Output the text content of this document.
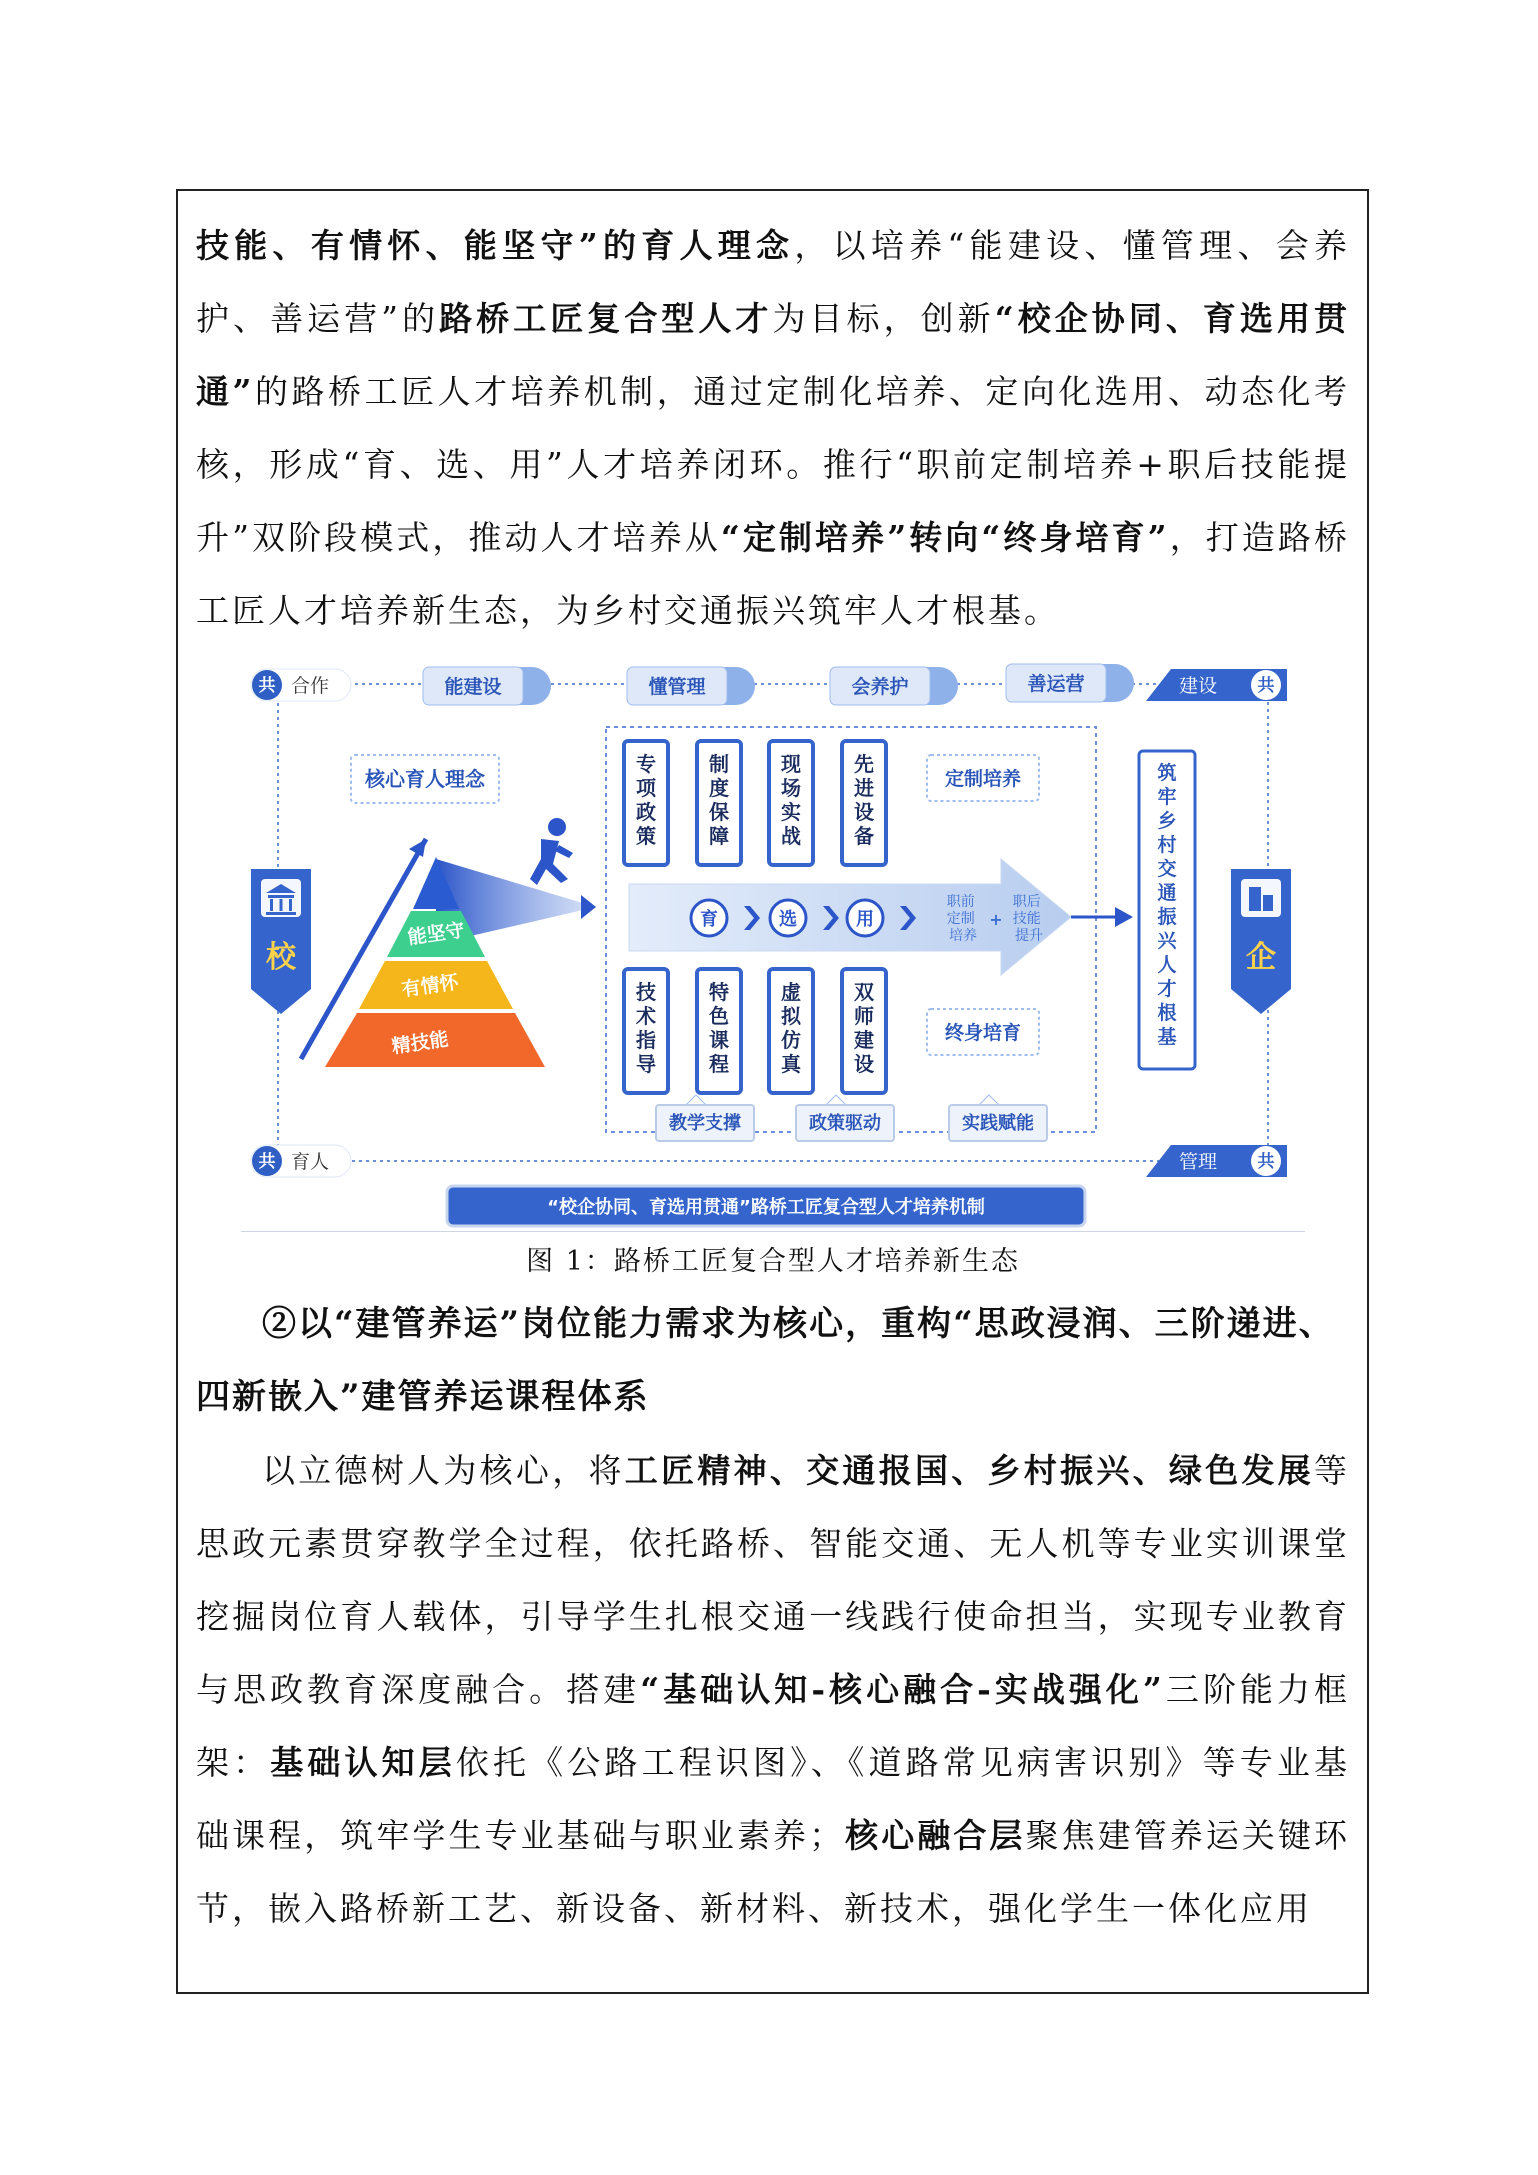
技能、有情怀、能坚守”的育人理念，以培养“能建设、懂管理、会养护、善运营”的路桥工匠复合型人才为目标，创新“校企协同、育选用贯通”的路桥工匠人才培养机制，通过定制化培养、定向化选用、动态化考核，形成“育、选、用”人才培养闭环。推行“职前定制培养+职后技能提升”双阶段模式，推动人才培养从“定制培养”转向“终身培育”，打造路桥工匠人才培养新生态，为乡村交通振兴筑牢人才根基。

共 合作	建设 共
共 育人	管理 共
能建设	懂管理	会养护	善运营
校	企
核心育人理念
能坚守
有情怀
精技能
专项政策
制度保障
现场实战
先进设备
技术指导
特色课程
虚拟仿真
双师建设
育	选	用
职前 定制 培养
+
职后 技能 提升
定制培养
终身培育
教学支撑	政策驱动	实践赋能
筑牢乡村交通振兴人才根基
“校企协同、育选用贯通”路桥工匠复合型人才培养机制

图 1：路桥工匠复合型人才培养新生态

②以“建管养运”岗位能力需求为核心，重构“思政浸润、三阶递进、四新嵌入”建管养运课程体系

以立德树人为核心，将工匠精神、交通报国、乡村振兴、绿色发展等思政元素贯穿教学全过程，依托路桥、智能交通、无人机等专业实训课堂挖掘岗位育人载体，引导学生扎根交通一线践行使命担当，实现专业教育与思政教育深度融合。搭建“基础认知-核心融合-实战强化”三阶能力框架：基础认知层依托《公路工程识图》、《道路常见病害识别》等专业基础课程，筑牢学生专业基础与职业素养；核心融合层聚焦建管养运关键环节，嵌入路桥新工艺、新设备、新材料、新技术，强化学生一体化应用
